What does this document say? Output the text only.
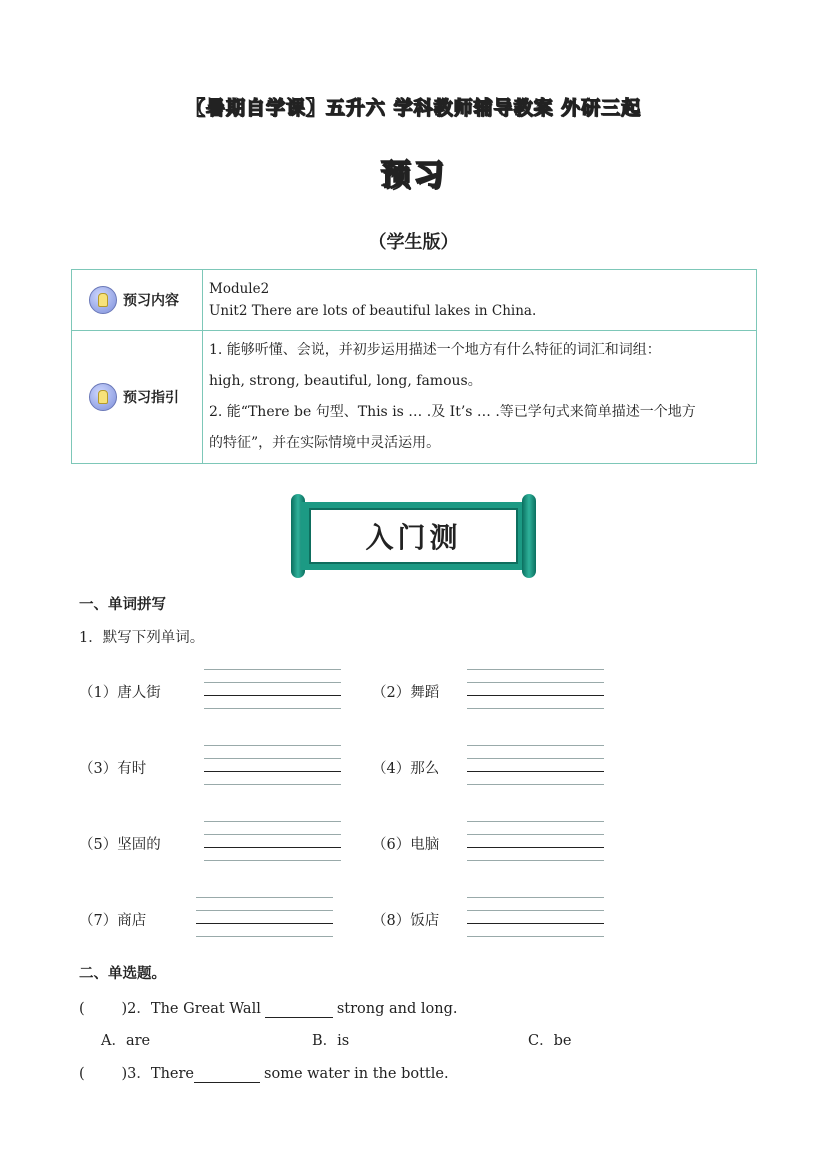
【暑期自学课】五升六 学科教师辅导教案 外研三起
预习
（学生版）
预习内容	Module2
Unit2 There are lots of beautiful lakes in China.

预习指引	1. 能够听懂、会说，并初步运用描述一个地方有什么特征的词汇和词组：
high, strong, beautiful, long, famous。
2. 能“There be 句型、This is … .及 It’s … .等已学句式来简单描述一个地方
的特征”，并在实际情境中灵活运用。
入门测
一、单词拼写
1．默写下列单词。
（1）唐人街	（2）舞蹈
（3）有时	（4）那么
（5）坚固的	（6）电脑
（7）商店	（8）饭店
二、单选题。
(        )2．The Great Wall	strong and long.
A．are	B．is	C．be
(        )3．There	some water in the bottle.
